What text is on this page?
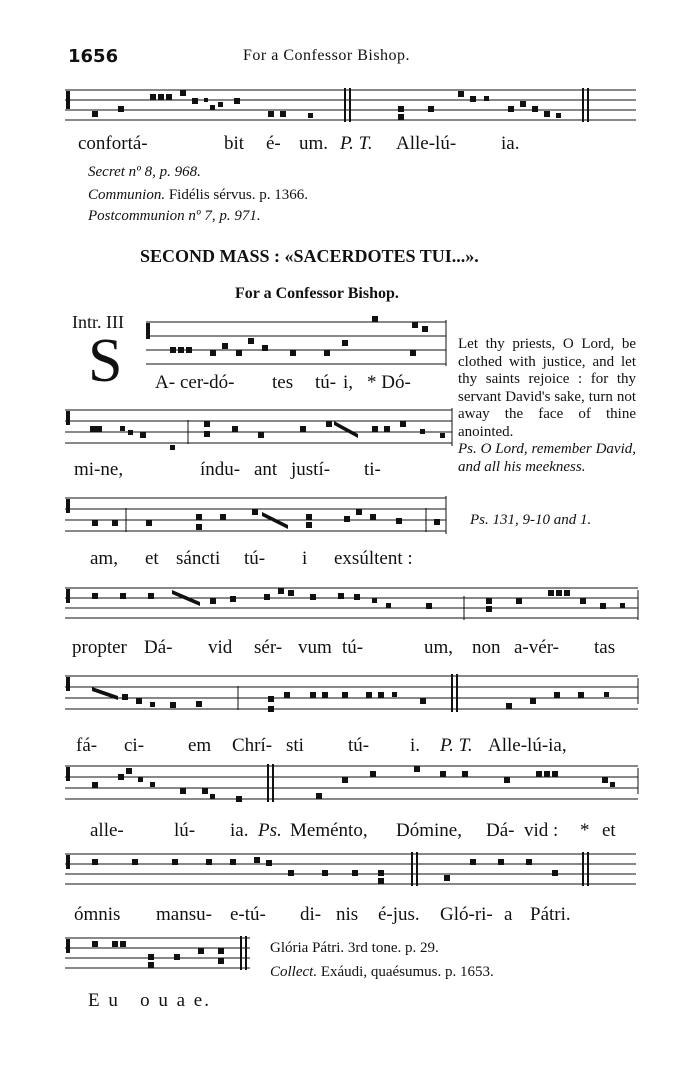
1656	For a Confessor Bishop.
confortá-	bit é- um. P. T. Alle-lú- ia.
Secret nº 8, p. 968.
Communion. Fidélis sérvus. p. 1366.
Postcommunion nº 7, p. 971.
SECOND MASS : «SACERDOTES TUI...».
For a Confessor Bishop.
Intr. III
S A- cer-dó- tes tú- i, * Dó-
Let thy priests, O Lord, be clothed with justice, and let thy saints rejoice : for thy servant David's sake, turn not away the face of thine anointed.
Ps. O Lord, remember David, and all his meekness.
Ps. 131, 9-10 and 1.
mi-ne,	índu- ant justí- ti-
am, et sáncti tú- i exsúltent :
propter Dá- vid sér- vum tú-	um, non a-vér- tas
fá- ci- em Chrí- sti tú- i. P. T. Alle-lú-ia,
alle-	lú- ia. Ps. Meménto, Dómine, Dá- vid : * et
ómnis mansu- e-tú- di- nis é-jus. Gló-ri- a Pátri.
E u   o u a e.
Glória Pátri. 3rd tone. p. 29.
Collect. Exáudi, quaésumus. p. 1653.
